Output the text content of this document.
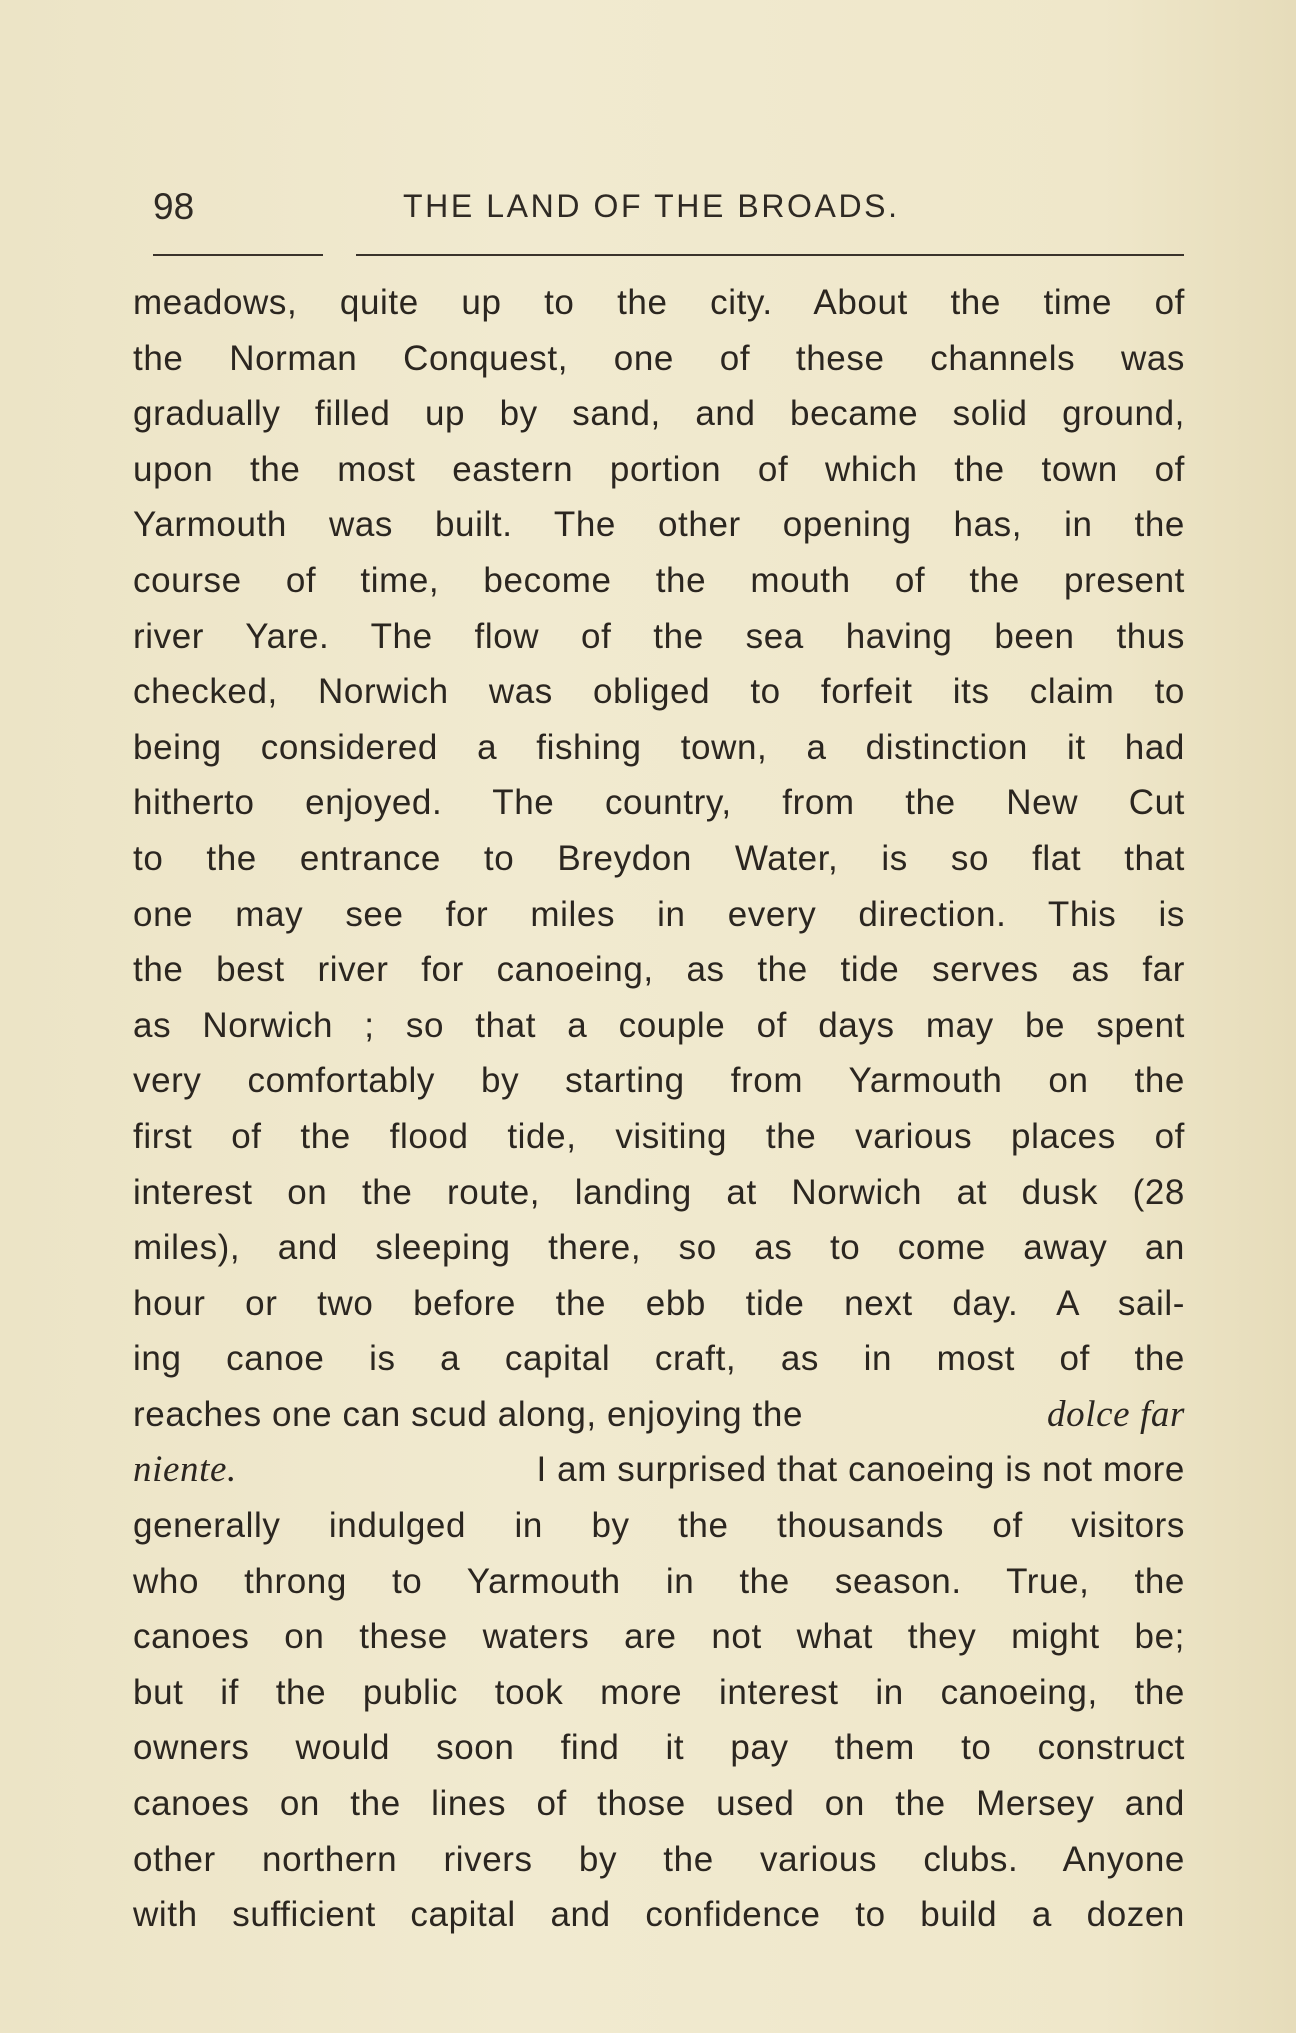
98	THE LAND OF THE BROADS.
meadows, quite up to the city. About the time of
the Norman Conquest, one of these channels was
gradually filled up by sand, and became solid ground,
upon the most eastern portion of which the town of
Yarmouth was built. The other opening has, in the
course of time, become the mouth of the present
river Yare. The flow of the sea having been thus
checked, Norwich was obliged to forfeit its claim to
being considered a fishing town, a distinction it had
hitherto enjoyed. The country, from the New Cut
to the entrance to Breydon Water, is so flat that
one may see for miles in every direction. This is
the best river for canoeing, as the tide serves as far
as Norwich ; so that a couple of days may be spent
very comfortably by starting from Yarmouth on the
first of the flood tide, visiting the various places of
interest on the route, landing at Norwich at dusk (28
miles), and sleeping there, so as to come away an
hour or two before the ebb tide next day. A sail-
ing canoe is a capital craft, as in most of the
reaches one can scud along, enjoying the	dolce far
niente.	I am surprised that canoeing is not more
generally indulged in by the thousands of visitors
who throng to Yarmouth in the season. True, the
canoes on these waters are not what they might be;
but if the public took more interest in canoeing, the
owners would soon find it pay them to construct
canoes on the lines of those used on the Mersey and
other northern rivers by the various clubs. Anyone
with sufficient capital and confidence to build a dozen
